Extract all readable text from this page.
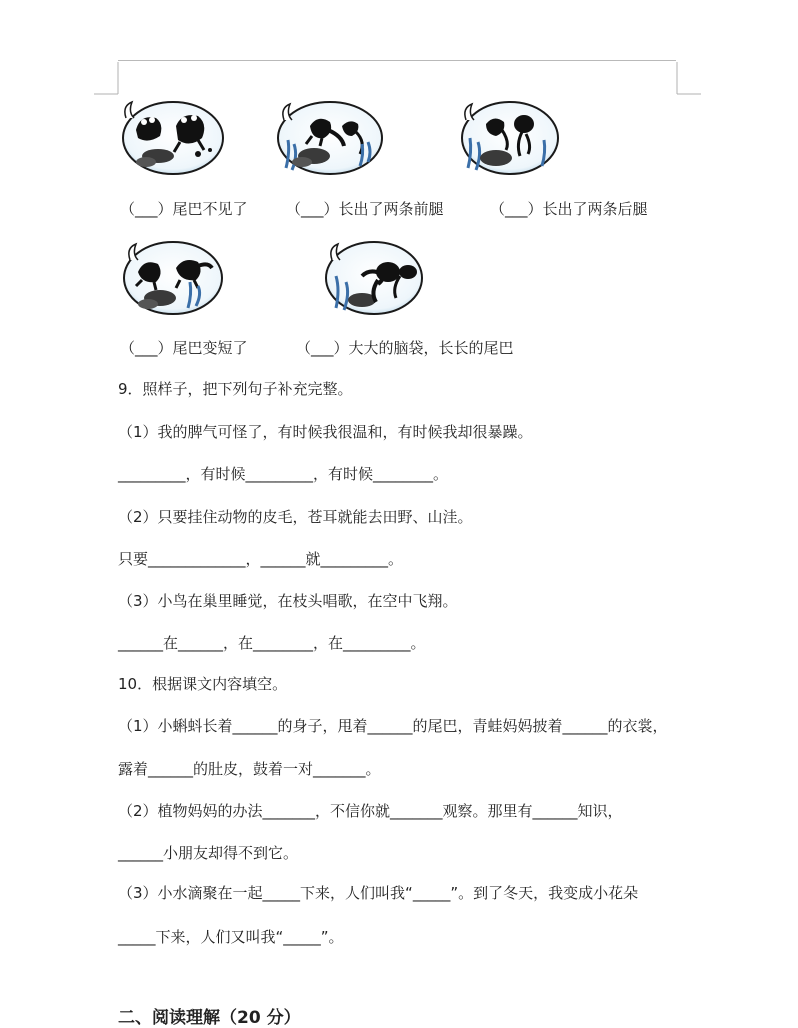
（___）尾巴不见了	（___）长出了两条前腿	（___）长出了两条后腿
（___）尾巴变短了	（___）大大的脑袋，长长的尾巴
9．照样子，把下列句子补充完整。
（1）我的脾气可怪了，有时候我很温和，有时候我却很暴躁。
_________，有时候_________，有时候________。
（2）只要挂住动物的皮毛，苍耳就能去田野、山洼。
只要_____________，______就_________。
（3）小鸟在巢里睡觉，在枝头唱歌，在空中飞翔。
______在______，在________，在_________。
10．根据课文内容填空。
（1）小蝌蚪长着______的身子，甩着______的尾巴，青蛙妈妈披着______的衣裳，
露着______的肚皮，鼓着一对_______。
（2）植物妈妈的办法_______，不信你就_______观察。那里有______知识，
______小朋友却得不到它。
（3）小水滴聚在一起_____下来，人们叫我“_____”。到了冬天，我变成小花朵
_____下来，人们又叫我“_____”。
二、阅读理解（20 分）
